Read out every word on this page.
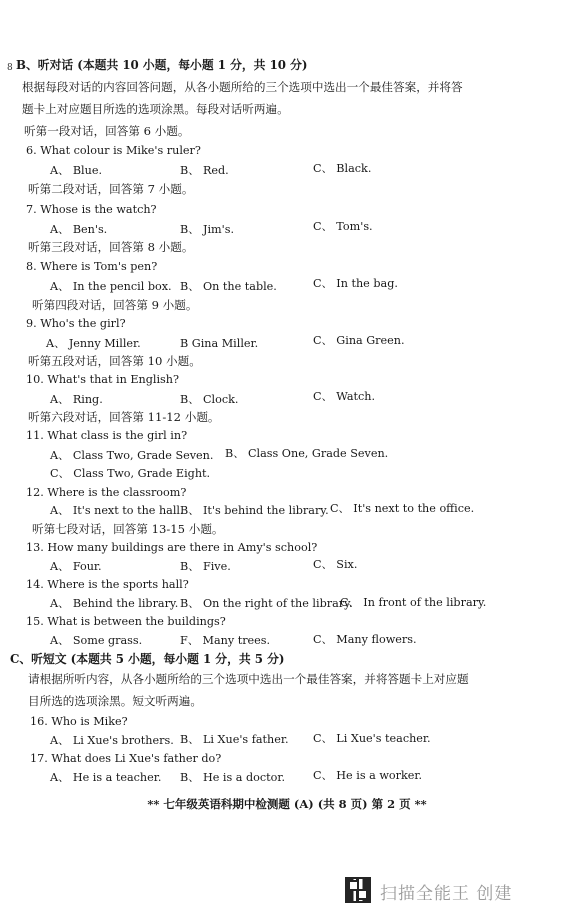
8 B、听对话 (本题共 10 小题，每小题 1 分，共 10 分)
根据每段对话的内容回答问题，从各小题所给的三个选项中选出一个最佳答案，并将答
题卡上对应题目所选的选项涂黑。每段对话听两遍。
听第一段对话，回答第 6 小题。
6. What colour is Mike's ruler?
A、 Blue.	B、 Red.	C、 Black.
听第二段对话，回答第 7 小题。
7. Whose is the watch?
A、 Ben's.	B、 Jim's.	C、 Tom's.
听第三段对话，回答第 8 小题。
8. Where is Tom's pen?
A、 In the pencil box. B、 On the table.	C、 In the bag.
听第四段对话，回答第 9 小题。
9. Who's the girl?
A、 Jenny Miller.	B Gina Miller.	C、 Gina Green.
听第五段对话，回答第 10 小题。
10. What's that in English?
A、 Ring.	B、 Clock.	C、 Watch.
听第六段对话，回答第 11-12 小题。
11. What class is the girl in?
A、 Class Two, Grade Seven. B、 Class One, Grade Seven.
C、 Class Two, Grade Eight.
12. Where is the classroom?
A、 It's next to the hall.
B、 It's behind the library. C、 It's next to the office.
听第七段对话，回答第 13-15 小题。
13. How many buildings are there in Amy's school?
A、 Four.	B、 Five.	C、 Six.
14. Where is the sports hall?
A、 Behind the library. B、 On the right of the library.
C、 In front of the library.
15. What is between the buildings?
A、 Some grass.	F、 Many trees.	C、 Many flowers.
C、听短文 (本题共 5 小题，每小题 1 分，共 5 分)
请根据所听内容，从各小题所给的三个选项中选出一个最佳答案，并将答题卡上对应题
目所选的选项涂黑。短文听两遍。
16. Who is Mike?
A、 Li Xue's brothers. B、 Li Xue's father. C、 Li Xue's teacher.
17. What does Li Xue's father do?
A、 He is a teacher. B、 He is a doctor. C、 He is a worker.
** 七年级英语科期中检测题 (A) (共 8 页) 第 2 页 **
扫描全能王 创建
